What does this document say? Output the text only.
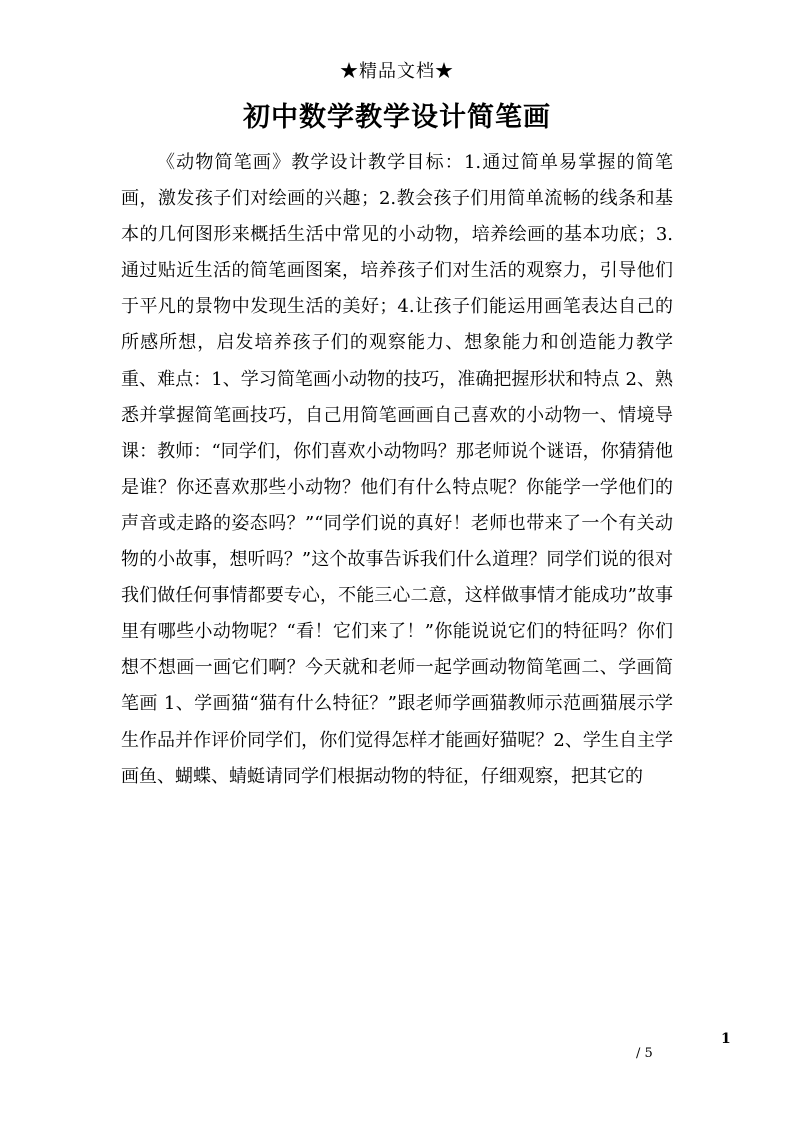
★精品文档★
初中数学教学设计简笔画

《动物简笔画》教学设计教学目标：1.通过简单易掌握的简笔画，激发孩子们对绘画的兴趣；2.教会孩子们用简单流畅的线条和基本的几何图形来概括生活中常见的小动物，培养绘画的基本功底；3.通过贴近生活的简笔画图案，培养孩子们对生活的观察力，引导他们于平凡的景物中发现生活的美好；4.让孩子们能运用画笔表达自己的所感所想，启发培养孩子们的观察能力、想象能力和创造能力教学重、难点：1、学习简笔画小动物的技巧，准确把握形状和特点 2、熟悉并掌握简笔画技巧，自己用简笔画画自己喜欢的小动物一、情境导课：教师：“同学们，你们喜欢小动物吗？那老师说个谜语，你猜猜他是谁？你还喜欢那些小动物？他们有什么特点呢？你能学一学他们的声音或走路的姿态吗？”“同学们说的真好！老师也带来了一个有关动物的小故事，想听吗？”这个故事告诉我们什么道理？同学们说的很对我们做任何事情都要专心，不能三心二意，这样做事情才能成功”故事里有哪些小动物呢？“看！它们来了！”你能说说它们的特征吗？你们想不想画一画它们啊？今天就和老师一起学画动物简笔画二、学画简笔画 1、学画猫“猫有什么特征？”跟老师学画猫教师示范画猫展示学生作品并作评价同学们，你们觉得怎样才能画好猫呢？2、学生自主学画鱼、蝴蝶、蜻蜓请同学们根据动物的特征，仔细观察，把其它的

1
/ 5
